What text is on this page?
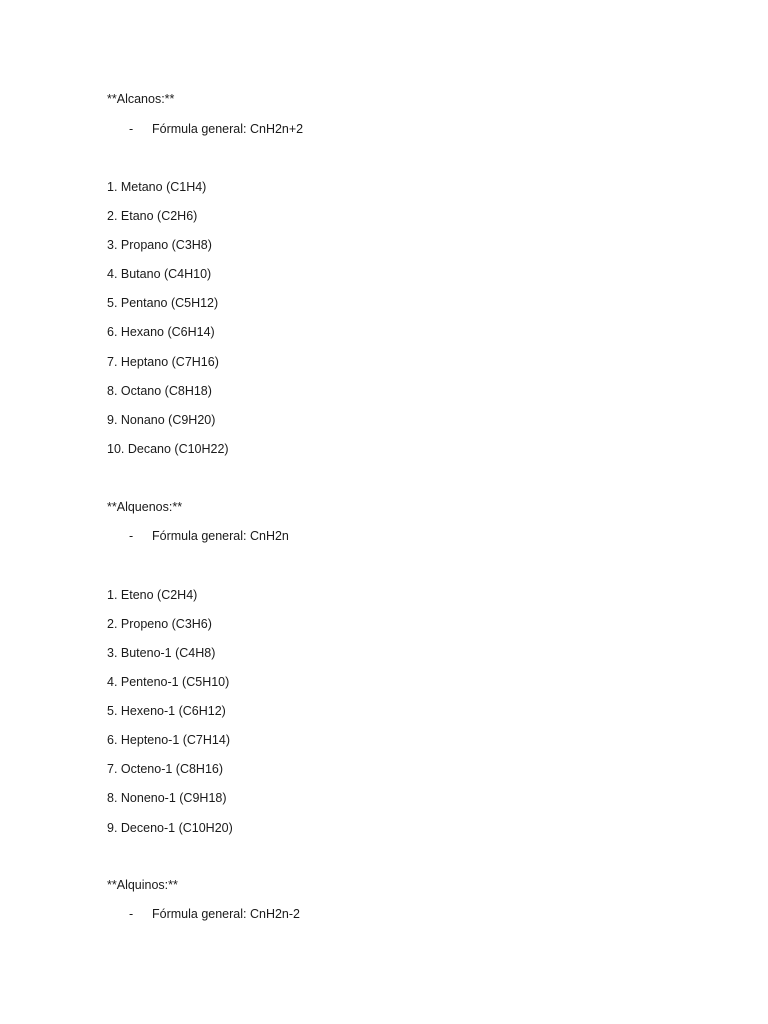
**Alcanos:**
- Fórmula general: CnH2n+2
1. Metano (C1H4)
2. Etano (C2H6)
3. Propano (C3H8)
4. Butano (C4H10)
5. Pentano (C5H12)
6. Hexano (C6H14)
7. Heptano (C7H16)
8. Octano (C8H18)
9. Nonano (C9H20)
10. Decano (C10H22)
**Alquenos:**
- Fórmula general: CnH2n
1. Eteno (C2H4)
2. Propeno (C3H6)
3. Buteno-1 (C4H8)
4. Penteno-1 (C5H10)
5. Hexeno-1 (C6H12)
6. Hepteno-1 (C7H14)
7. Octeno-1 (C8H16)
8. Noneno-1 (C9H18)
9. Deceno-1 (C10H20)
**Alquinos:**
- Fórmula general: CnH2n-2
